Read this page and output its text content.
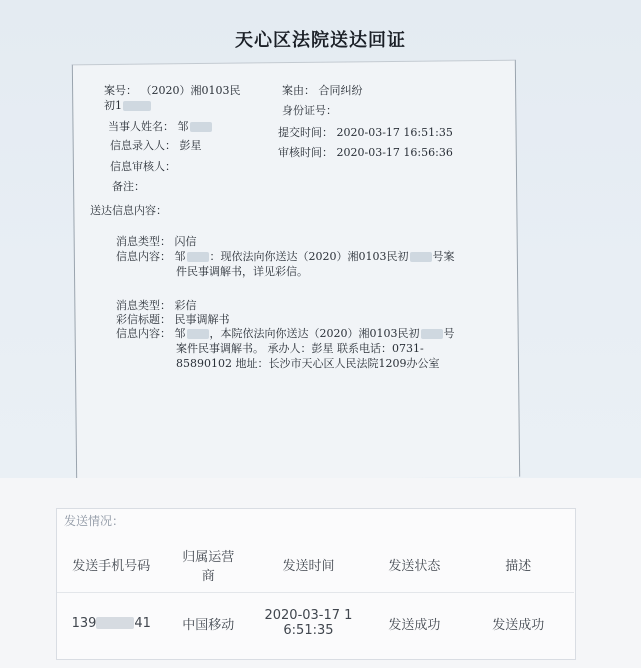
天心区法院送达回证
案号： （2020）湘0103民
初1
案由： 合同纠纷
身份证号：
当事人姓名： 邹	提交时间： 2020-03-17 16:51:35
信息录入人： 彭星
审核时间： 2020-03-17 16:56:36
信息审核人：
备注：
送达信息内容：
消息类型： 闪信
信息内容： 邹 ：现依法向你送达（2020）湘0103民初 号案
件民事调解书，详见彩信。
消息类型： 彩信
彩信标题： 民事调解书
信息内容： 邹 ，本院依法向你送达（2020）湘0103民初 号
案件民事调解书。 承办人：彭星 联系电话：0731-
85890102 地址：长沙市天心区人民法院1209办公室
发送情况：
发送手机号码	归属运营商	发送时间	发送状态	描述
139 41	中国移动	2020-03-17 16:51:35	发送成功	发送成功
